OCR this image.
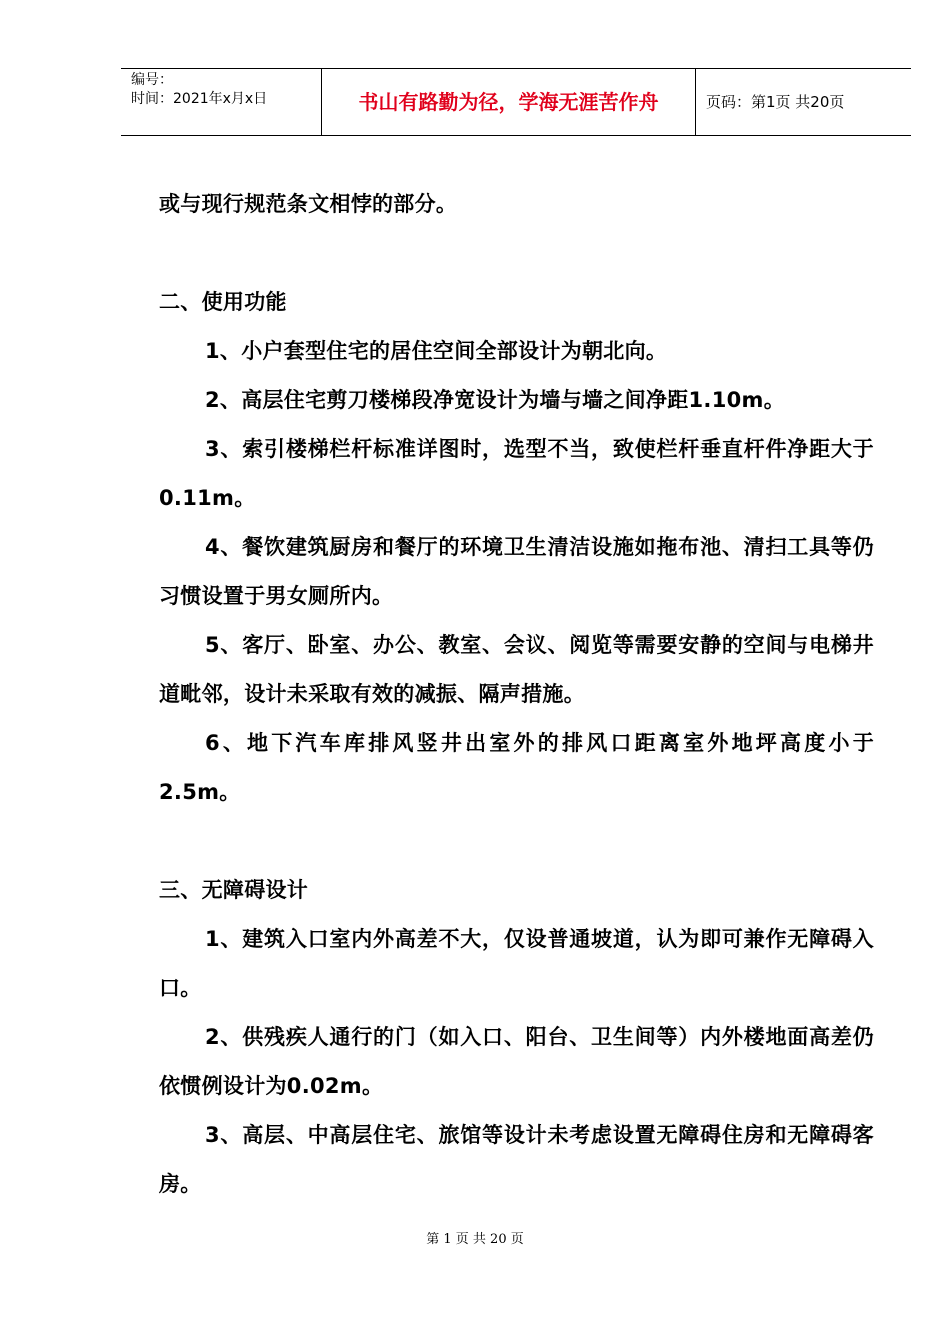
编号：
时间：2021年x月x日	书山有路勤为径，学海无涯苦作舟	页码：第1页 共20页

或与现行规范条文相悖的部分。

二、使用功能

1、小户套型住宅的居住空间全部设计为朝北向。

2、高层住宅剪刀楼梯段净宽设计为墙与墙之间净距1.10m。

3、索引楼梯栏杆标准详图时，选型不当，致使栏杆垂直杆件净距大于0.11m。

4、餐饮建筑厨房和餐厅的环境卫生清洁设施如拖布池、清扫工具等仍习惯设置于男女厕所内。

5、客厅、卧室、办公、教室、会议、阅览等需要安静的空间与电梯井道毗邻，设计未采取有效的减振、隔声措施。

6、地下汽车库排风竖井出室外的排风口距离室外地坪高度小于2.5m。

三、无障碍设计

1、建筑入口室内外高差不大，仅设普通坡道，认为即可兼作无障碍入口。

2、供残疾人通行的门（如入口、阳台、卫生间等）内外楼地面高差仍依惯例设计为0.02m。

3、高层、中高层住宅、旅馆等设计未考虑设置无障碍住房和无障碍客房。

第 1 页 共 20 页
